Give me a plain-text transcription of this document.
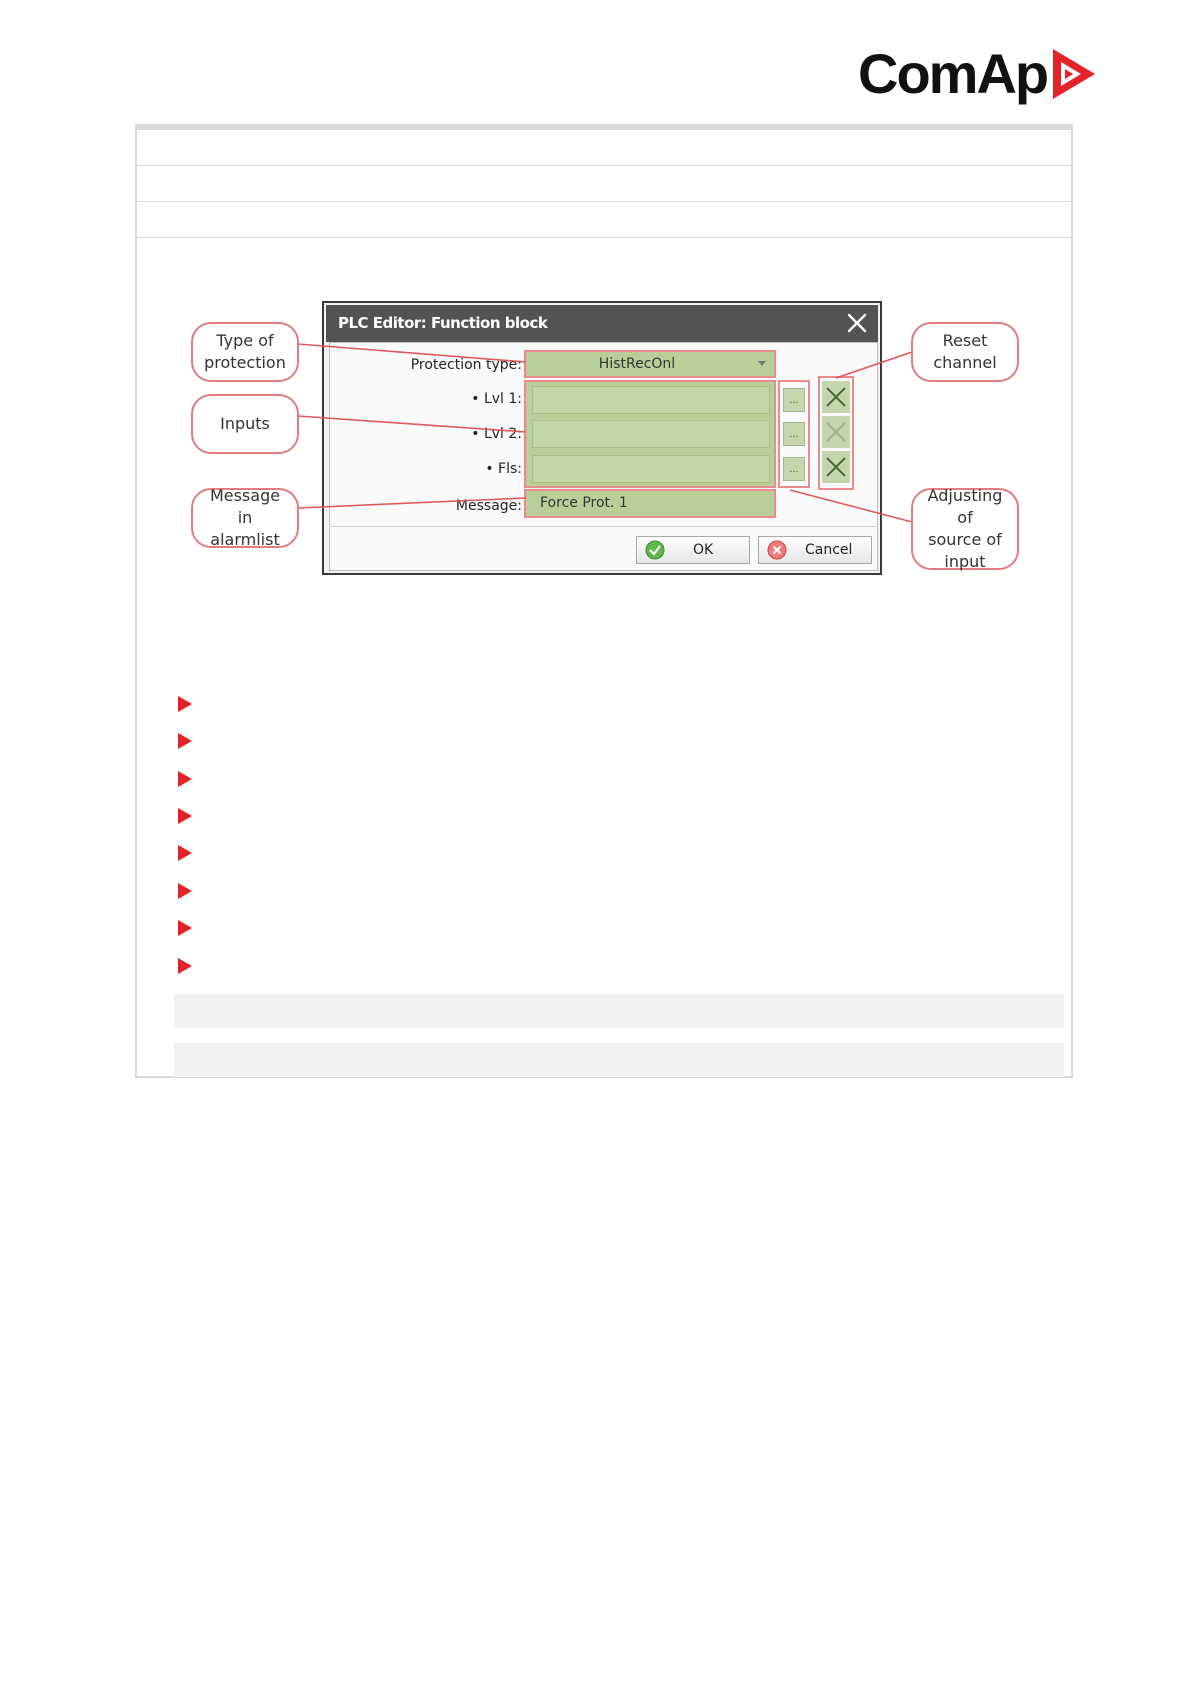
ComAp
PLC Editor: Function block
Protection type:
• Lvl 1:
• Lvl 2:
• Fls:
Message:
HistRecOnl
Force Prot. 1
...
...
...
OK	Cancel
Type of
protection
Inputs
Message in
alarmlist
Reset
channel
Adjusting of
source of
input
